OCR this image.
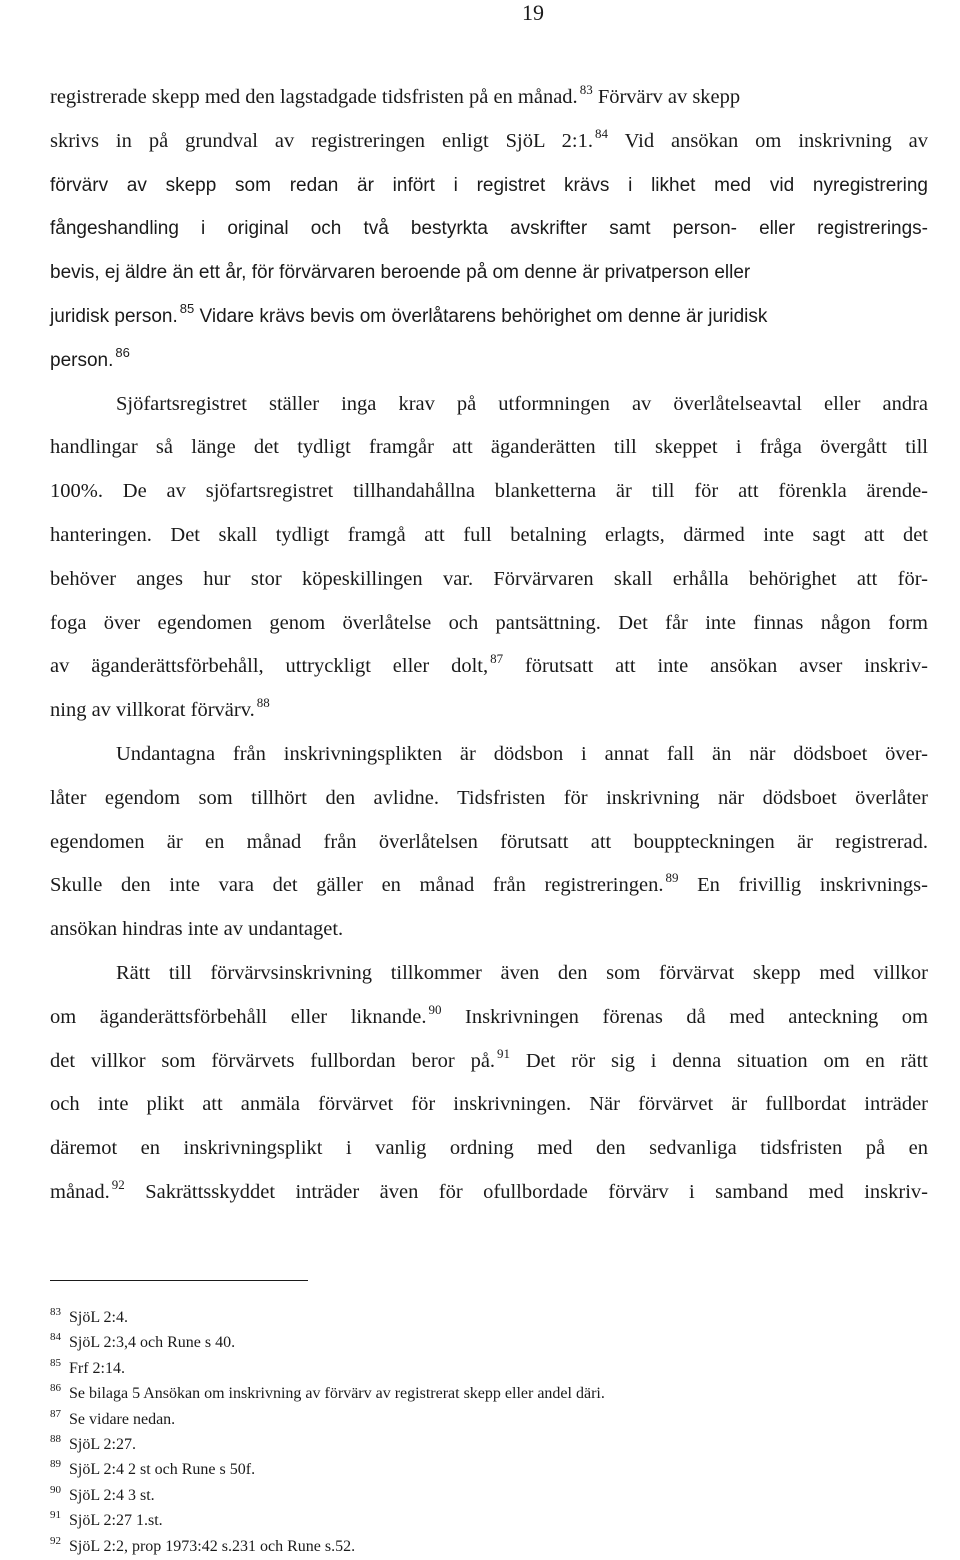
19
registrerade skepp med den lagstadgade tidsfristen på en månad. $^{83}$ Förvärv av skepp
skrivs in på grundval av registreringen enligt SjöL 2:1. $^{84}$ Vid ansökan om inskrivning av
förvärv av skepp som redan är infört i registret krävs i likhet med vid nyregistrering
fångeshandling i original och två bestyrkta avskrifter samt person- eller registrerings-
bevis, ej äldre än ett år, för förvärvaren beroende på om denne är privatperson eller
juridisk person. $^{85}$ Vidare krävs bevis om överlåtarens behörighet om denne är juridisk
person. $^{86}$
Sjöfartsregistret ställer inga krav på utformningen av överlåtelseavtal eller andra
handlingar så länge det tydligt framgår att äganderätten till skeppet i fråga övergått till
100%. De av sjöfartsregistret tillhandahållna blanketterna är till för att förenkla ärende-
hanteringen. Det skall tydligt framgå att full betalning erlagts, därmed inte sagt att det
behöver anges hur stor köpeskillingen var. Förvärvaren skall erhålla behörighet att för-
foga över egendomen genom överlåtelse och pantsättning. Det får inte finnas någon form
av äganderättsförbehåll, uttryckligt eller dolt, $^{87}$ förutsatt att inte ansökan avser inskriv-
ning av villkorat förvärv. $^{88}$
Undantagna från inskrivningsplikten är dödsbon i annat fall än när dödsboet över-
låter egendom som tillhört den avlidne. Tidsfristen för inskrivning när dödsboet överlåter
egendomen är en månad från överlåtelsen förutsatt att bouppteckningen är registrerad.
Skulle den inte vara det gäller en månad från registreringen. $^{89}$ En frivillig inskrivnings-
ansökan hindras inte av undantaget.
Rätt till förvärvsinskrivning tillkommer även den som förvärvat skepp med villkor
om äganderättsförbehåll eller liknande. $^{90}$ Inskrivningen förenas då med anteckning om
det villkor som förvärvets fullbordan beror på. $^{91}$ Det rör sig i denna situation om en rätt
och inte plikt att anmäla förvärvet för inskrivningen. När förvärvet är fullbordat inträder
däremot en inskrivningsplikt i vanlig ordning med den sedvanliga tidsfristen på en
månad. $^{92}$ Sakrättsskyddet inträder även för ofullbordade förvärv i samband med inskriv-
83 SjöL 2:4.
84 SjöL 2:3,4 och Rune s 40.
85 Frf 2:14.
86 Se bilaga 5 Ansökan om inskrivning av förvärv av registrerat skepp eller andel däri.
87 Se vidare nedan.
88 SjöL 2:27.
89 SjöL 2:4 2 st och Rune s 50f.
90 SjöL 2:4 3 st.
91 SjöL 2:27 1.st.
92 SjöL 2:2, prop 1973:42 s.231 och Rune s.52.
